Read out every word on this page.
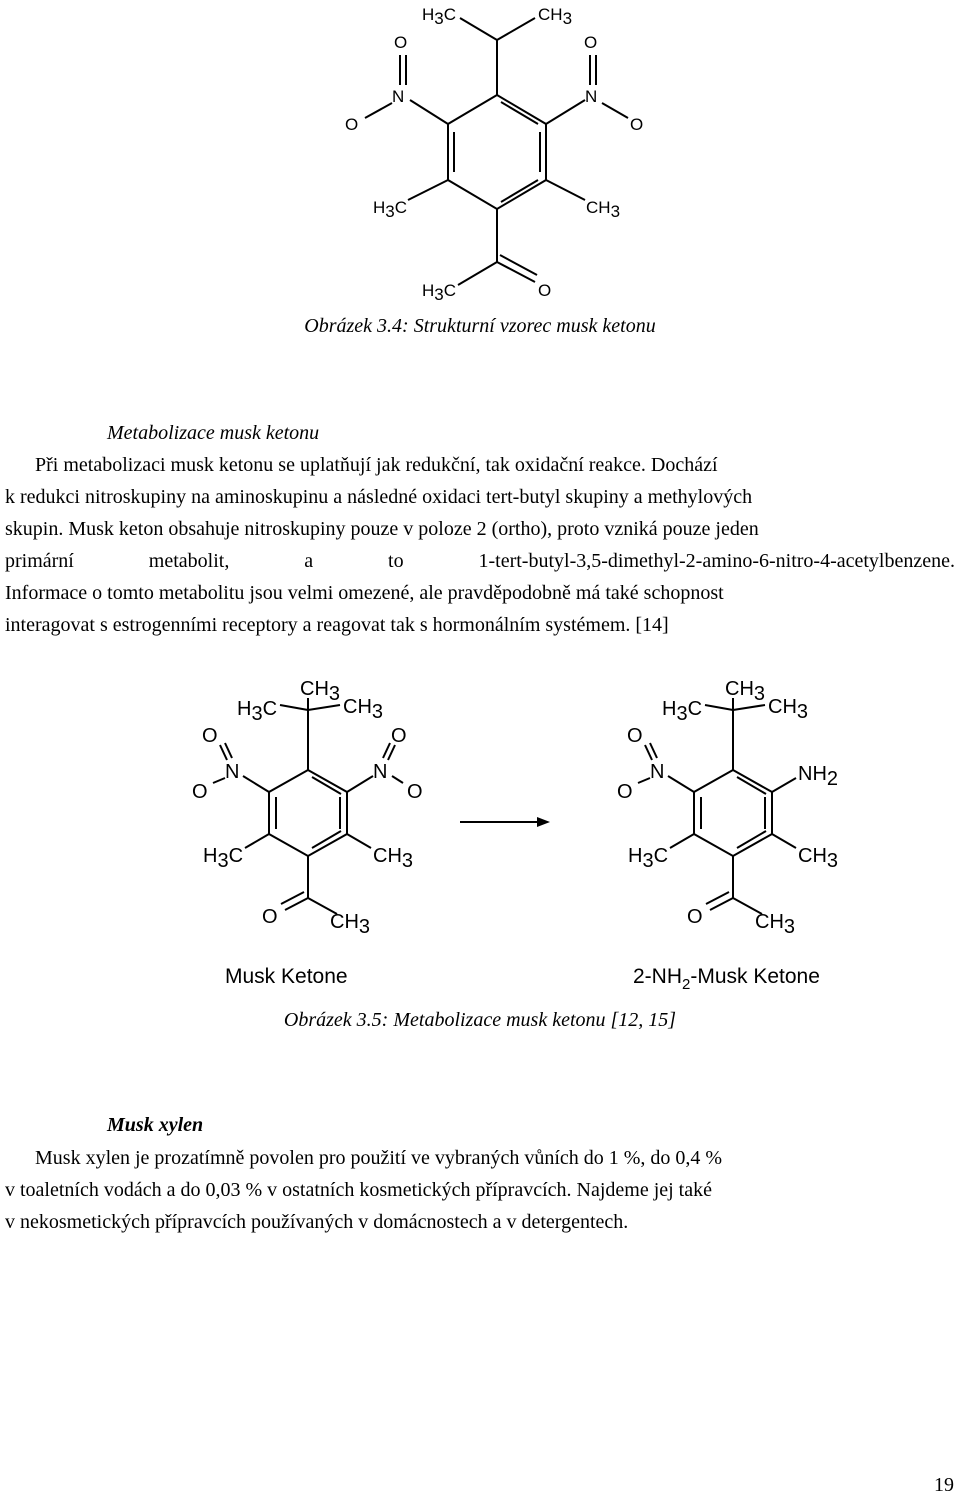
H3C	CH3
N
O
O
N
O
O
H3C	CH3
H3C	O
Obrázek 3.4: Strukturní vzorec musk ketonu
Metabolizace musk ketonu
Při metabolizaci musk ketonu se uplatňují jak redukční, tak oxidační reakce. Dochází
k redukci nitroskupiny na aminoskupinu a následné oxidaci tert-butyl skupiny a methylových
skupin. Musk keton obsahuje nitroskupiny pouze v poloze 2 (ortho), proto vzniká pouze jeden
primární	metabolit,	a	to	1-tert-butyl-3,5-dimethyl-2-amino-6-nitro-4-acetylbenzene.
Informace o tomto metabolitu jsou velmi omezené, ale pravděpodobně má také schopnost
interagovat s estrogenními receptory a reagovat tak s hormonálním systémem. [14]
CH3
H3C	CH3
N
O
O
N
O
O
H3C	CH3
CH3
O
Musk Ketone
CH3
H3C	CH3
N
O
O
NH2
H3C	CH3
CH3
O
$2-NH_2$-Musk Ketone
Obrázek 3.5: Metabolizace musk ketonu [12, 15]
Musk xylen
Musk xylen je prozatímně povolen pro použití ve vybraných vůních do 1 %, do 0,4 %
v toaletních vodách a do 0,03 % v ostatních kosmetických přípravcích. Najdeme jej také
v nekosmetických přípravcích používaných v domácnostech a v detergentech.
19
